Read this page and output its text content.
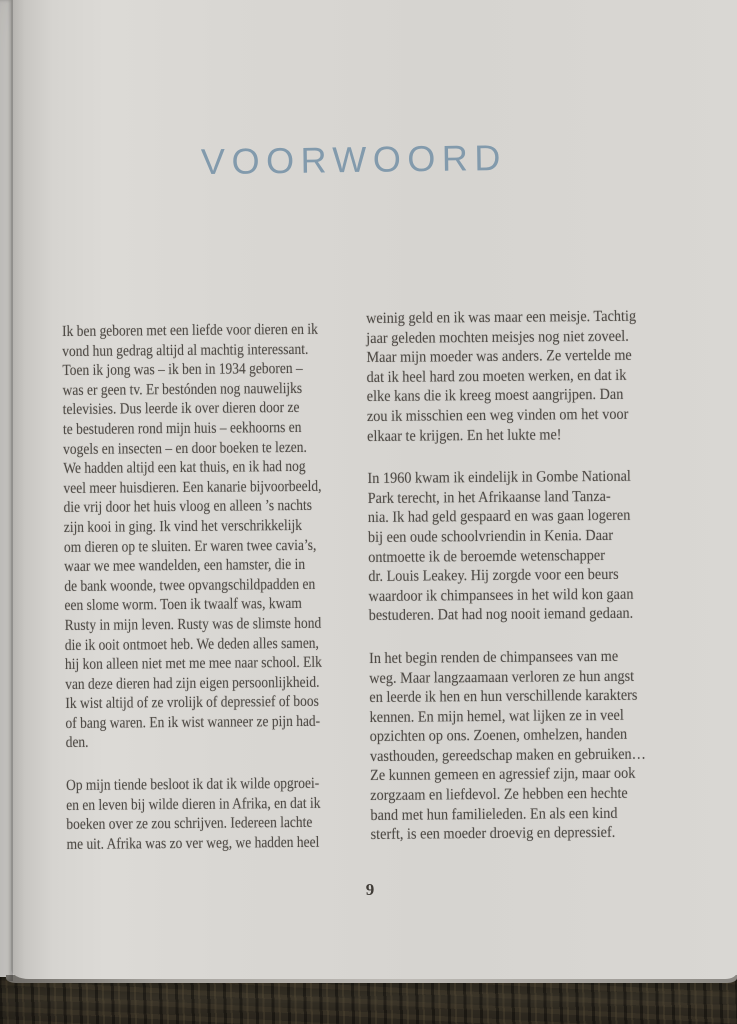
VOORWOORD

Ik ben geboren met een liefde voor dieren en ik
vond hun gedrag altijd al machtig interessant.
Toen ik jong was – ik ben in 1934 geboren –
was er geen tv. Er bestónden nog nauwelijks
televisies. Dus leerde ik over dieren door ze
te bestuderen rond mijn huis – eekhoorns en
vogels en insecten – en door boeken te lezen.
We hadden altijd een kat thuis, en ik had nog
veel meer huisdieren. Een kanarie bijvoorbeeld,
die vrij door het huis vloog en alleen ’s nachts
zijn kooi in ging. Ik vind het verschrikkelijk
om dieren op te sluiten. Er waren twee cavia’s,
waar we mee wandelden, een hamster, die in
de bank woonde, twee opvangschildpadden en
een slome worm. Toen ik twaalf was, kwam
Rusty in mijn leven. Rusty was de slimste hond
die ik ooit ontmoet heb. We deden alles samen,
hij kon alleen niet met me mee naar school. Elk
van deze dieren had zijn eigen persoonlijkheid.
Ik wist altijd of ze vrolijk of depressief of boos
of bang waren. En ik wist wanneer ze pijn had-
den.

Op mijn tiende besloot ik dat ik wilde opgroei-
en en leven bij wilde dieren in Afrika, en dat ik
boeken over ze zou schrijven. Iedereen lachte
me uit. Afrika was zo ver weg, we hadden heel

weinig geld en ik was maar een meisje. Tachtig
jaar geleden mochten meisjes nog niet zoveel.
Maar mijn moeder was anders. Ze vertelde me
dat ik heel hard zou moeten werken, en dat ik
elke kans die ik kreeg moest aangrijpen. Dan
zou ik misschien een weg vinden om het voor
elkaar te krijgen. En het lukte me!

In 1960 kwam ik eindelijk in Gombe National
Park terecht, in het Afrikaanse land Tanza-
nia. Ik had geld gespaard en was gaan logeren
bij een oude schoolvriendin in Kenia. Daar
ontmoette ik de beroemde wetenschapper
dr. Louis Leakey. Hij zorgde voor een beurs
waardoor ik chimpansees in het wild kon gaan
bestuderen. Dat had nog nooit iemand gedaan.

In het begin renden de chimpansees van me
weg. Maar langzaamaan verloren ze hun angst
en leerde ik hen en hun verschillende karakters
kennen. En mijn hemel, wat lijken ze in veel
opzichten op ons. Zoenen, omhelzen, handen
vasthouden, gereedschap maken en gebruiken…
Ze kunnen gemeen en agressief zijn, maar ook
zorgzaam en liefdevol. Ze hebben een hechte
band met hun familieleden. En als een kind
sterft, is een moeder droevig en depressief.

9
